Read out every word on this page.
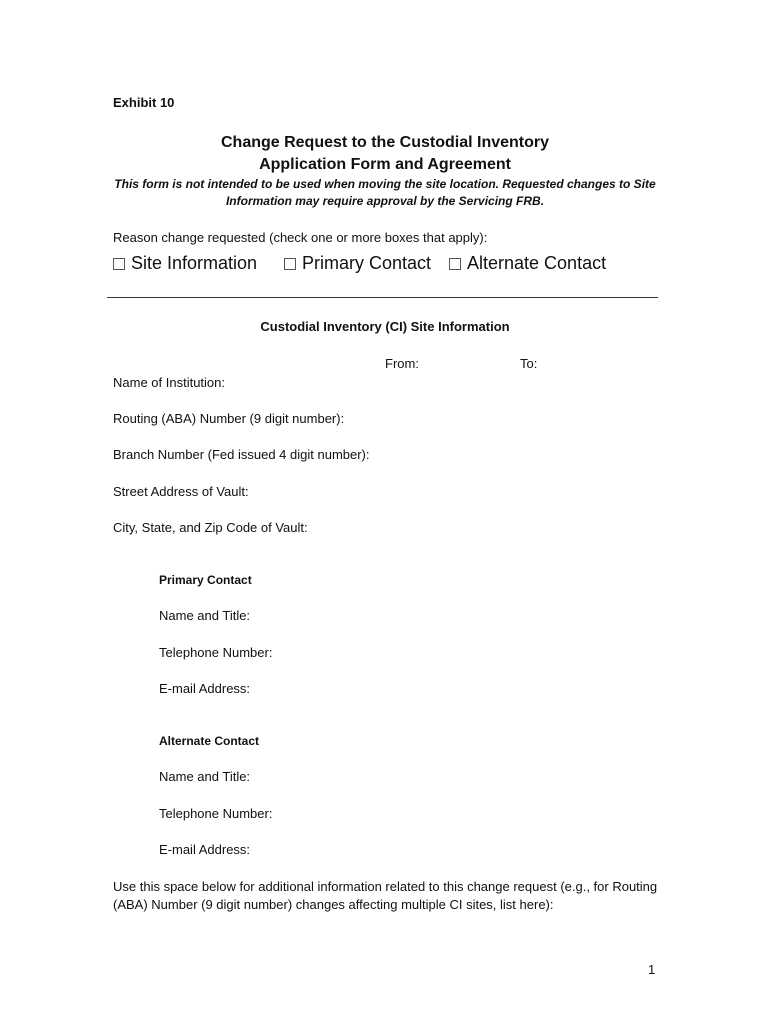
Exhibit 10
Change Request to the Custodial Inventory
Application Form and Agreement
This form is not intended to be used when moving the site location. Requested changes to Site
Information may require approval by the Servicing FRB.
Reason change requested (check one or more boxes that apply):
Site Information Primary Contact Alternate Contact
Custodial Inventory (CI) Site Information
From:	To:
Name of Institution:
Routing (ABA) Number (9 digit number):
Branch Number (Fed issued 4 digit number):
Street Address of Vault:
City, State, and Zip Code of Vault:
Primary Contact
Name and Title:
Telephone Number:
E-mail Address:
Alternate Contact
Name and Title:
Telephone Number:
E-mail Address:
Use this space below for additional information related to this change request (e.g., for Routing
(ABA) Number (9 digit number) changes affecting multiple CI sites, list here):
1
